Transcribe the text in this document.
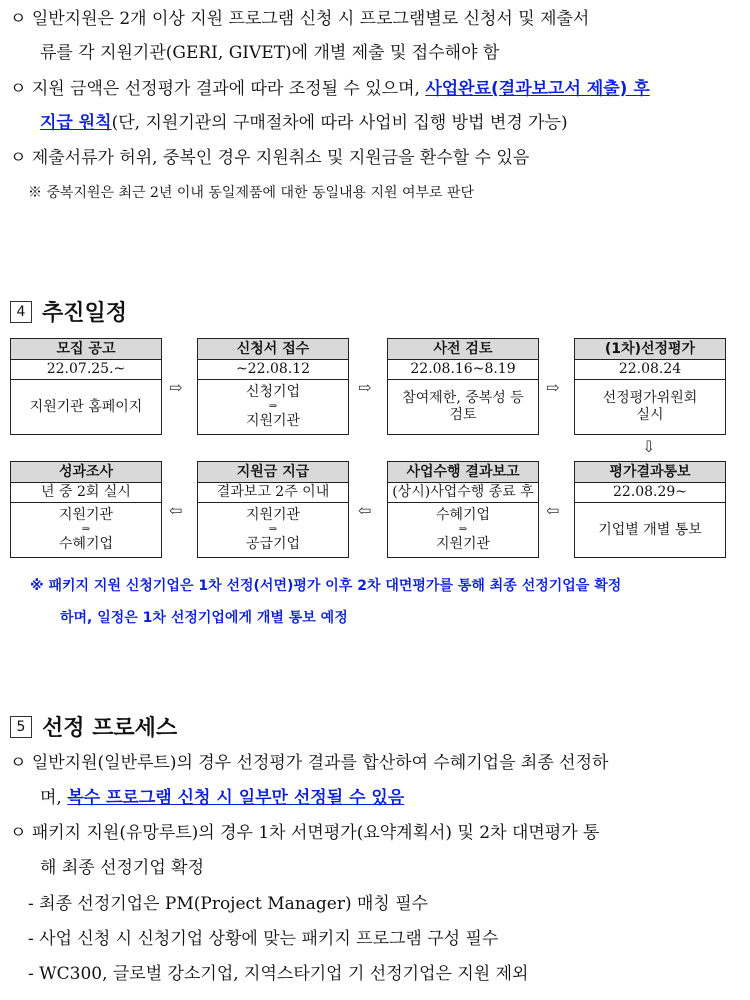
ㅇ 일반지원은 2개 이상 지원 프로그램 신청 시 프로그램별로 신청서 및 제출서
류를 각 지원기관(GERI, GIVET)에 개별 제출 및 접수해야 함
ㅇ 지원 금액은 선정평가 결과에 따라 조정될 수 있으며, 사업완료(결과보고서 제출) 후
지급 원칙(단, 지원기관의 구매절차에 따라 사업비 집행 방법 변경 가능)
ㅇ 제출서류가 허위, 중복인 경우 지원취소 및 지원금을 환수할 수 있음
※ 중복지원은 최근 2년 이내 동일제품에 대한 동일내용 지원 여부로 판단
4 추진일정
모집 공고
22.07.25.~
지원기관 홈페이지
⇨
신청서 접수
~22.08.12
신청기업
⇒
지원기관
⇨
사전 검토
22.08.16~8.19
참여제한, 중복성 등
검토
⇨
(1차)선정평가
22.08.24
선정평가위원회
실시
⇩
성과조사
년 중 2회 실시
지원기관
⇒
수혜기업
⇦
지원금 지급
결과보고 2주 이내
지원기관
⇒
공급기업
⇦
사업수행 결과보고
(상시)사업수행 종료 후
수혜기업
⇒
지원기관
⇦
평가결과통보
22.08.29~
기업별 개별 통보
※ 패키지 지원 신청기업은 1차 선정(서면)평가 이후 2차 대면평가를 통해 최종 선정기업을 확정
하며, 일정은 1차 선정기업에게 개별 통보 예정
5 선정 프로세스
ㅇ 일반지원(일반루트)의 경우 선정평가 결과를 합산하여 수혜기업을 최종 선정하
며, 복수 프로그램 신청 시 일부만 선정될 수 있음
ㅇ 패키지 지원(유망루트)의 경우 1차 서면평가(요약계획서) 및 2차 대면평가 통
해 최종 선정기업 확정
- 최종 선정기업은 PM(Project Manager) 매칭 필수
- 사업 신청 시 신청기업 상황에 맞는 패키지 프로그램 구성 필수
- WC300, 글로벌 강소기업, 지역스타기업 기 선정기업은 지원 제외
